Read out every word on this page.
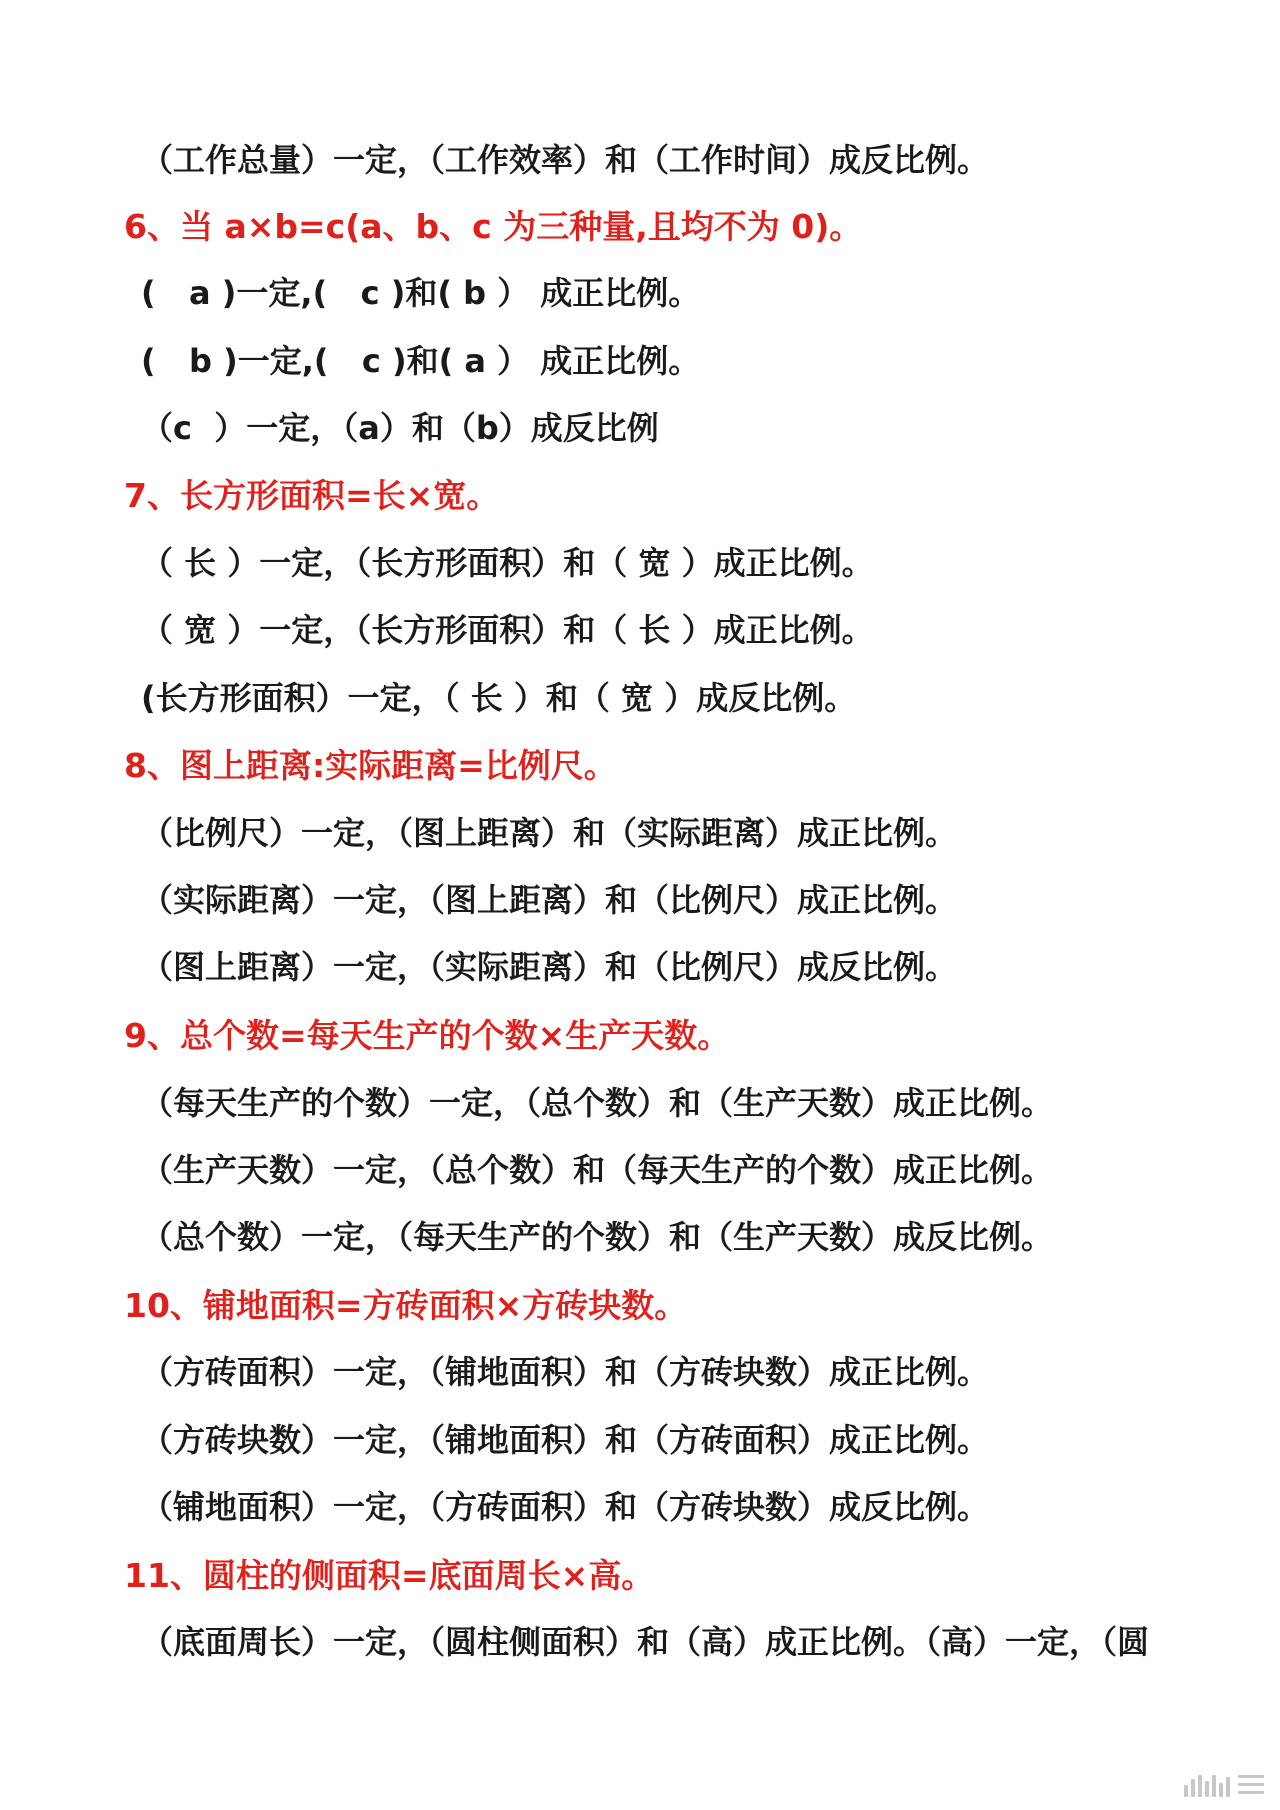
（工作总量）一定，（工作效率）和（工作时间）成反比例。
6、当 a×b=c(a、b、c 为三种量,且均不为 0)。
(   a )一定,(   c )和( b ） 成正比例。
(   b )一定,(   c )和( a ） 成正比例。
（c  ）一定，（a）和（b）成反比例
7、长方形面积=长×宽。
（ 长 ）一定，（长方形面积）和（ 宽 ）成正比例。
（ 宽 ）一定，（长方形面积）和（ 长 ）成正比例。
(长方形面积）一定，（ 长 ）和（ 宽 ）成反比例。
8、图上距离:实际距离=比例尺。
（比例尺）一定，（图上距离）和（实际距离）成正比例。
（实际距离）一定，（图上距离）和（比例尺）成正比例。
（图上距离）一定，（实际距离）和（比例尺）成反比例。
9、总个数=每天生产的个数×生产天数。
（每天生产的个数）一定，（总个数）和（生产天数）成正比例。
（生产天数）一定，（总个数）和（每天生产的个数）成正比例。
（总个数）一定，（每天生产的个数）和（生产天数）成反比例。
10、铺地面积=方砖面积×方砖块数。
（方砖面积）一定，（铺地面积）和（方砖块数）成正比例。
（方砖块数）一定，（铺地面积）和（方砖面积）成正比例。
（铺地面积）一定，（方砖面积）和（方砖块数）成反比例。
11、圆柱的侧面积=底面周长×高。
（底面周长）一定，（圆柱侧面积）和（高）成正比例。（高）一定，（圆
